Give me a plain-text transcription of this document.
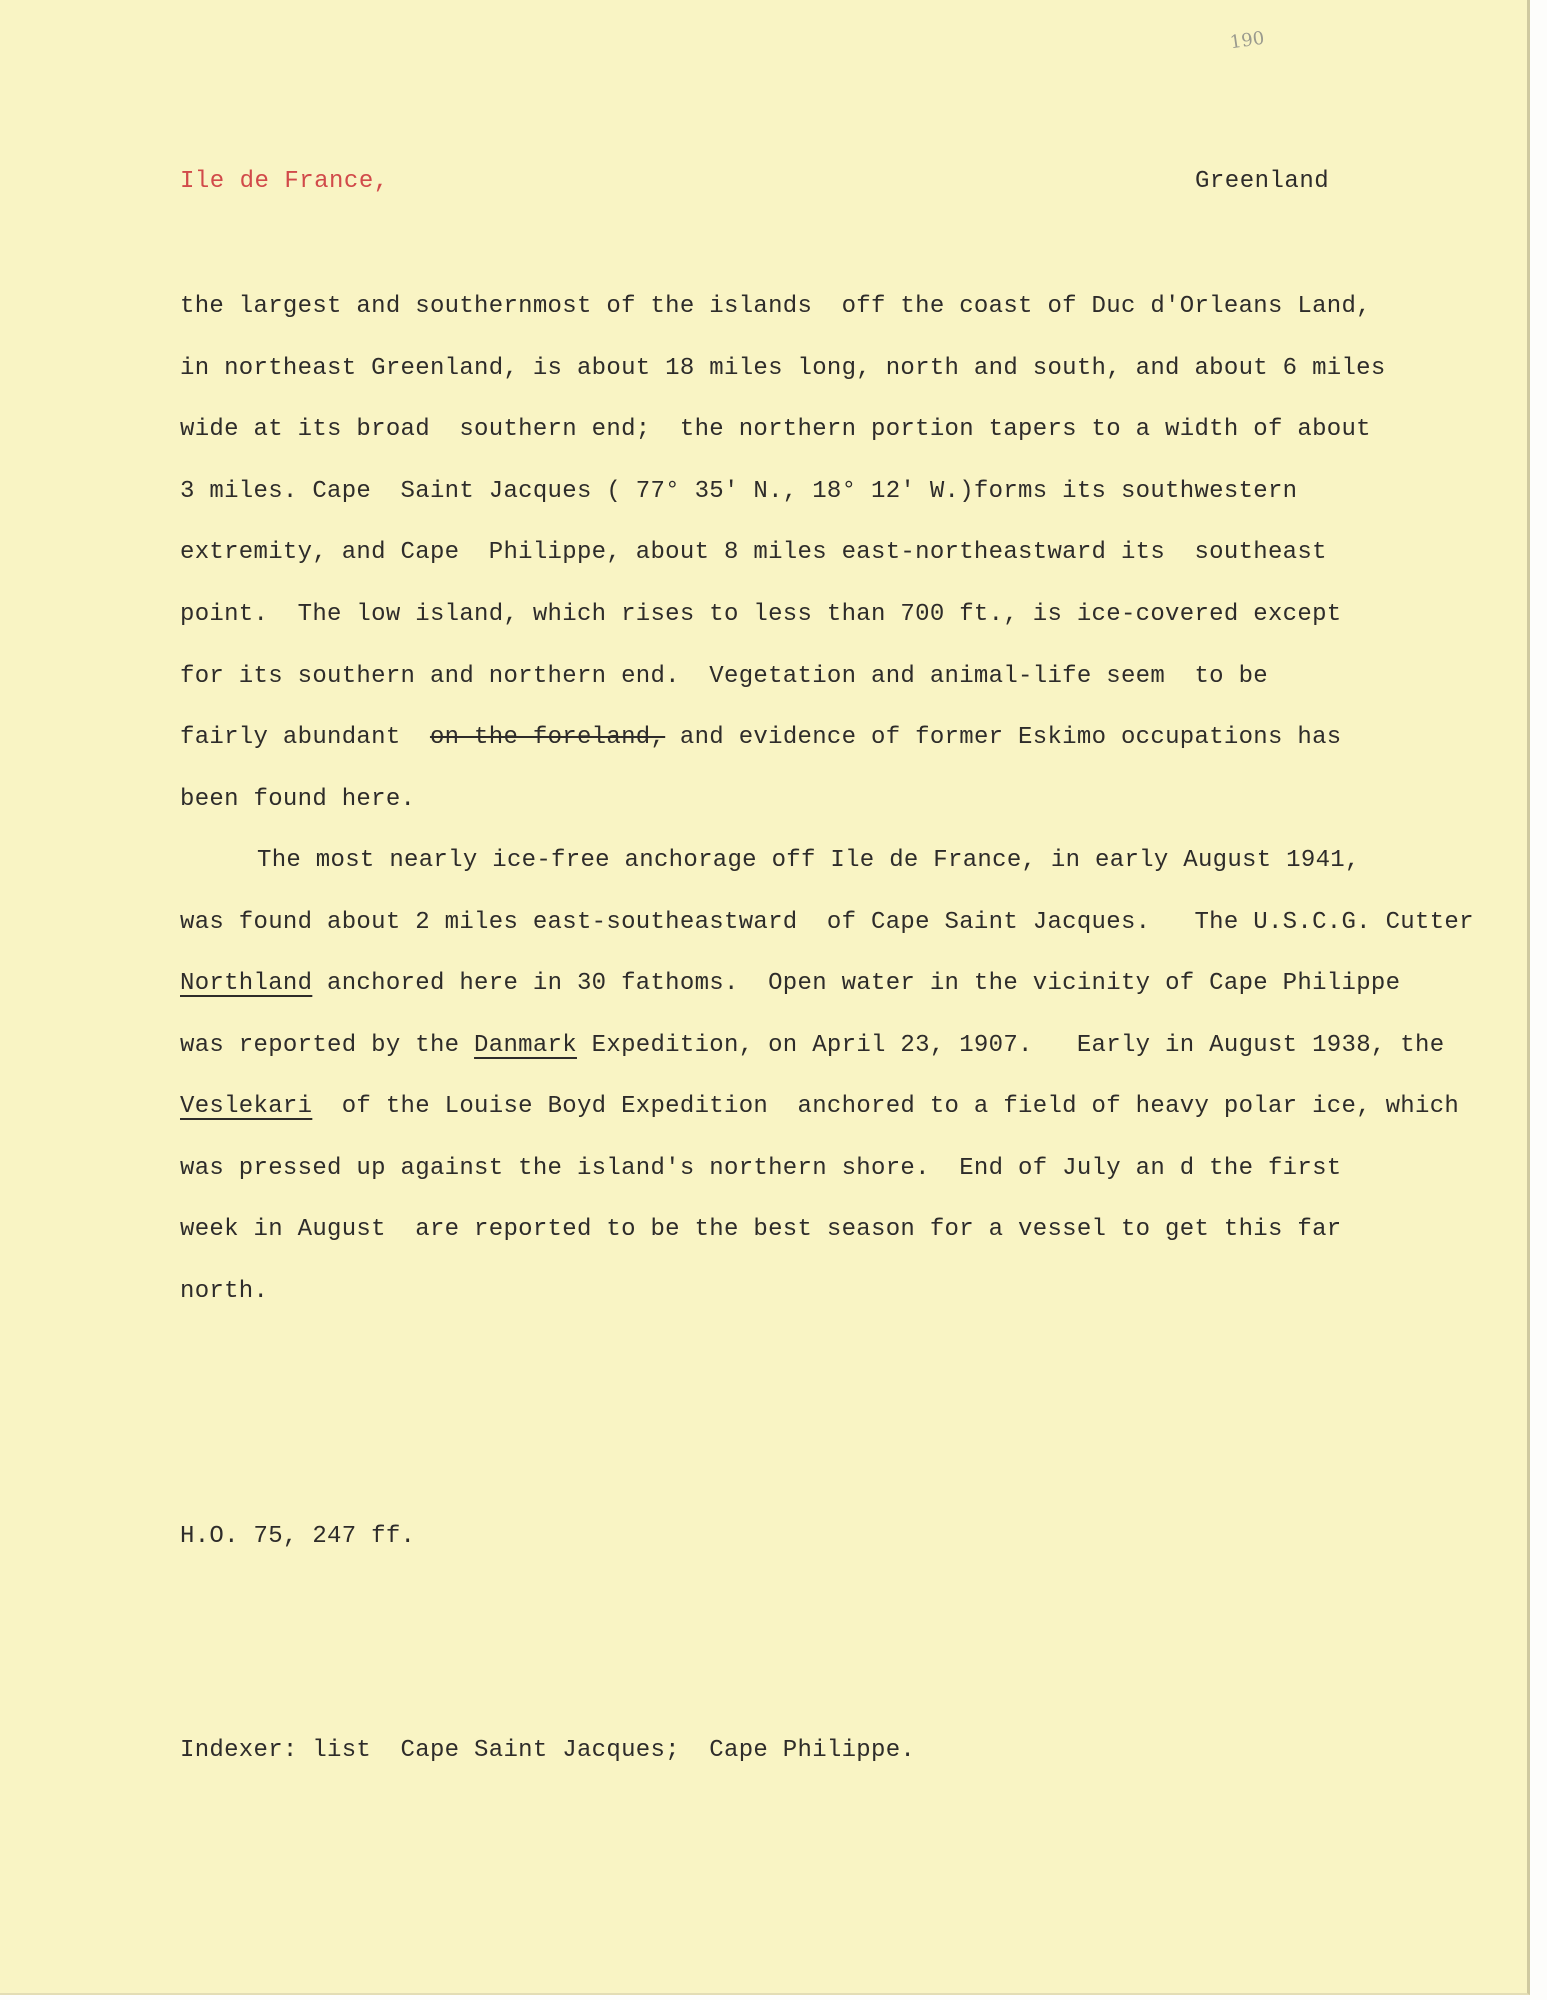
190
Ile de France,	Greenland
the largest and southernmost of the islands  off the coast of Duc d'Orleans Land,
in northeast Greenland, is about 18 miles long, north and south, and about 6 miles
wide at its broad  southern end;  the northern portion tapers to a width of about
3 miles. Cape  Saint Jacques ( 77° 35' N., 18° 12' W.)forms its southwestern
extremity, and Cape  Philippe, about 8 miles east-northeastward its  southeast
point.  The low island, which rises to less than 700 ft., is ice-covered except
for its southern and northern end.  Vegetation and animal-life seem  to be
fairly abundant  on the foreland, and evidence of former Eskimo occupations has
been found here.
The most nearly ice-free anchorage off Ile de France, in early August 1941,
was found about 2 miles east-southeastward  of Cape Saint Jacques.   The U.S.C.G. Cutter
Northland anchored here in 30 fathoms.  Open water in the vicinity of Cape Philippe
was reported by the Danmark Expedition, on April 23, 1907.   Early in August 1938, the
Veslekari  of the Louise Boyd Expedition  anchored to a field of heavy polar ice, which
was pressed up against the island's northern shore.  End of July an d the first
week in August  are reported to be the best season for a vessel to get this far
north.
H.O. 75, 247 ff.
Indexer: list  Cape Saint Jacques;  Cape Philippe.
